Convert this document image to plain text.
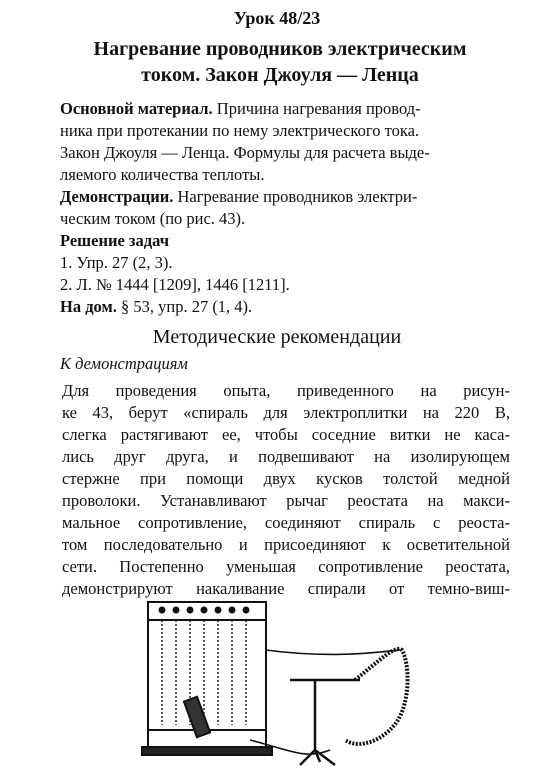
Урок 48/23
Нагревание проводников электрическим
током. Закон Джоуля — Ленца
Основной материал. Причина нагревания провод-
ника при протекании по нему электрического тока.
Закон Джоуля — Ленца. Формулы для расчета выде-
ляемого количества теплоты.
Демонстрации. Нагревание проводников электри-
ческим током (по рис. 43).
Решение задач
1. Упр. 27 (2, 3).
2. Л. № 1444 [1209], 1446 [1211].
На дом. § 53, упр. 27 (1, 4).
Методические рекомендации
К демонстрациям
Для проведения опыта, приведенного на рисун-
ке 43, берут «спираль для электроплитки на 220 В,
слегка растягивают ее, чтобы соседние витки не каса-
лись друг друга, и подвешивают на изолирующем
стержне при помощи двух кусков толстой медной
проволоки. Устанавливают рычаг реостата на макси-
мальное сопротивление, соединяют спираль с реоста-
том последовательно и присоединяют к осветительной
сети. Постепенно уменьшая сопротивление реостата,
демонстрируют накаливание спирали от темно-виш-
